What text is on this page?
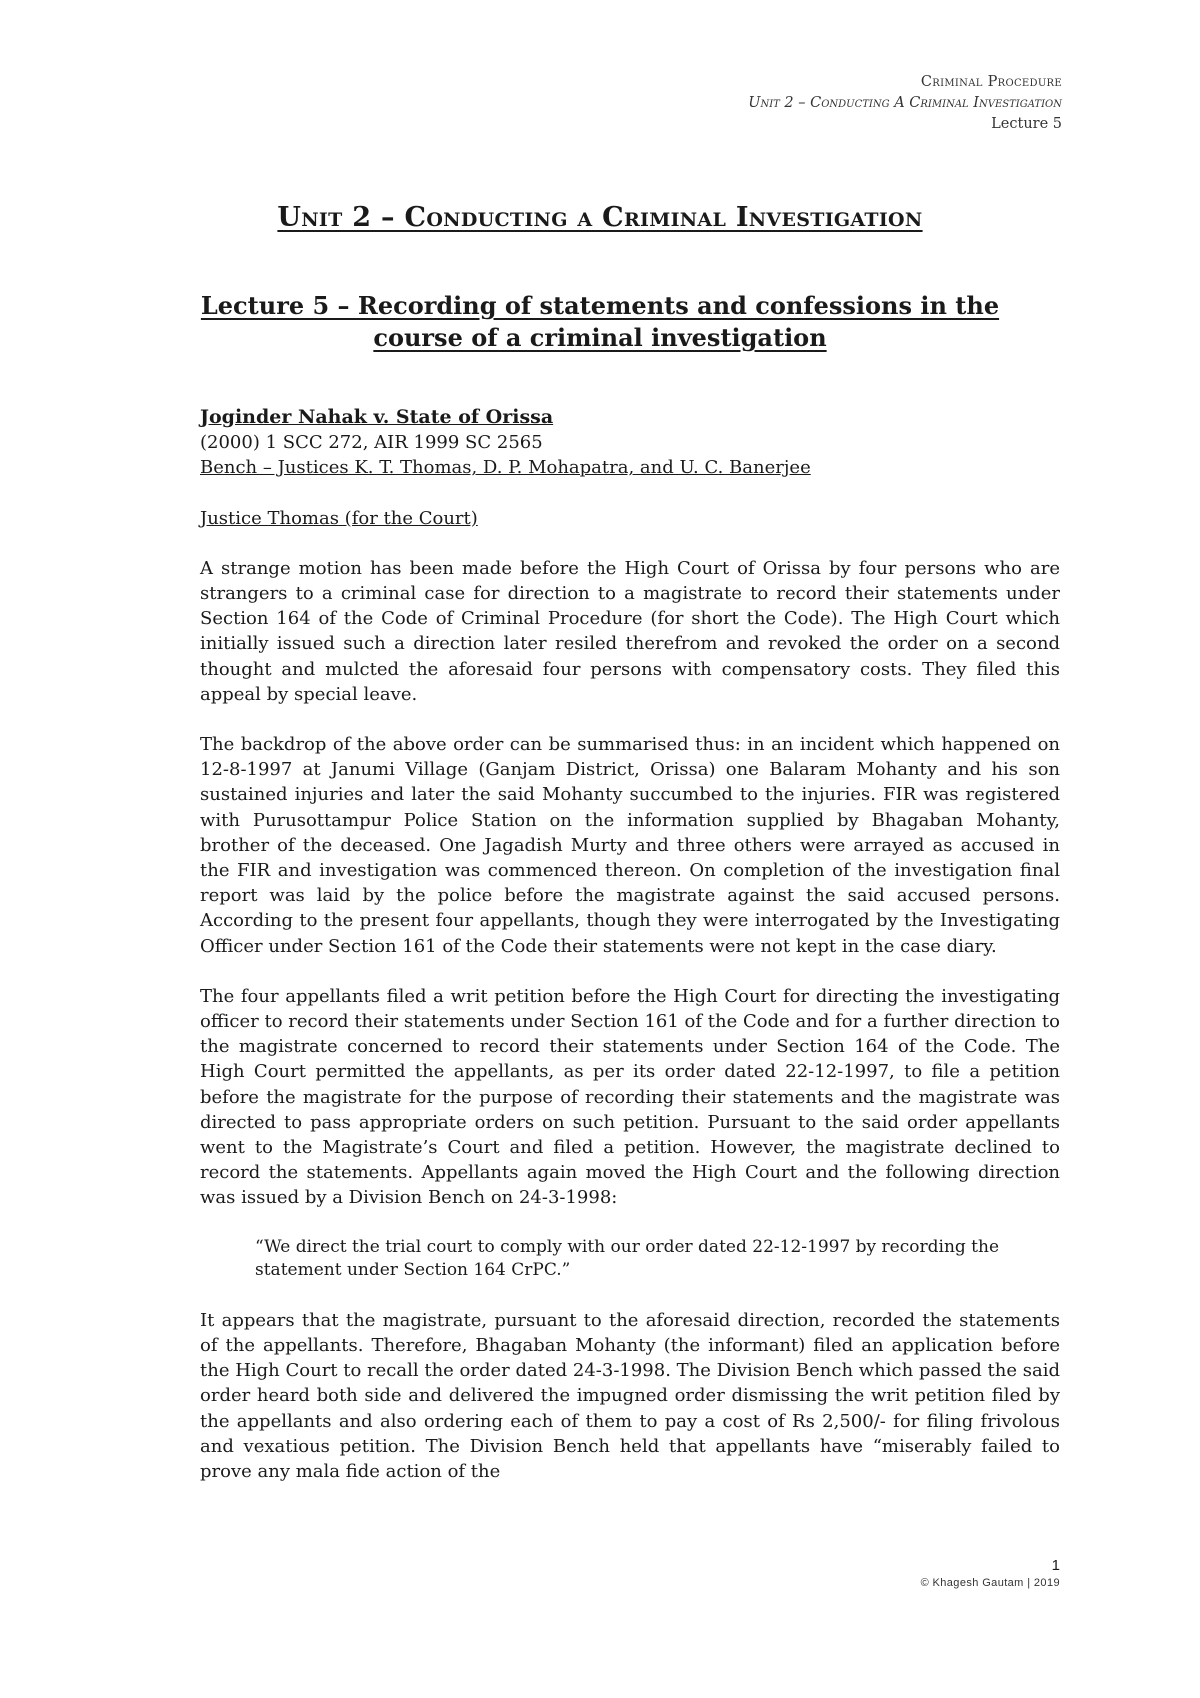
Criminal Procedure
Unit 2 – Conducting A Criminal Investigation
Lecture 5
Unit 2 – Conducting a Criminal Investigation
Lecture 5 – Recording of statements and confessions in the course of a criminal investigation
Joginder Nahak v. State of Orissa
(2000) 1 SCC 272, AIR 1999 SC 2565
Bench – Justices K. T. Thomas, D. P. Mohapatra, and U. C. Banerjee
Justice Thomas (for the Court)

A strange motion has been made before the High Court of Orissa by four persons who are strangers to a criminal case for direction to a magistrate to record their statements under Section 164 of the Code of Criminal Procedure (for short the Code). The High Court which initially issued such a direction later resiled therefrom and revoked the order on a second thought and mulcted the aforesaid four persons with compensatory costs. They filed this appeal by special leave.

The backdrop of the above order can be summarised thus: in an incident which happened on 12-8-1997 at Janumi Village (Ganjam District, Orissa) one Balaram Mohanty and his son sustained injuries and later the said Mohanty succumbed to the injuries. FIR was registered with Purusottampur Police Station on the information supplied by Bhagaban Mohanty, brother of the deceased. One Jagadish Murty and three others were arrayed as accused in the FIR and investigation was commenced thereon. On completion of the investigation final report was laid by the police before the magistrate against the said accused persons. According to the present four appellants, though they were interrogated by the Investigating Officer under Section 161 of the Code their statements were not kept in the case diary.

The four appellants filed a writ petition before the High Court for directing the investigating officer to record their statements under Section 161 of the Code and for a further direction to the magistrate concerned to record their statements under Section 164 of the Code. The High Court permitted the appellants, as per its order dated 22-12-1997, to file a petition before the magistrate for the purpose of recording their statements and the magistrate was directed to pass appropriate orders on such petition. Pursuant to the said order appellants went to the Magistrate’s Court and filed a petition. However, the magistrate declined to record the statements. Appellants again moved the High Court and the following direction was issued by a Division Bench on 24-3-1998:

“We direct the trial court to comply with our order dated 22-12-1997 by recording the statement under Section 164 CrPC.”

It appears that the magistrate, pursuant to the aforesaid direction, recorded the statements of the appellants. Therefore, Bhagaban Mohanty (the informant) filed an application before the High Court to recall the order dated 24-3-1998. The Division Bench which passed the said order heard both side and delivered the impugned order dismissing the writ petition filed by the appellants and also ordering each of them to pay a cost of Rs 2,500/- for filing frivolous and vexatious petition. The Division Bench held that appellants have “miserably failed to prove any mala fide action of the

1
© Khagesh Gautam | 2019
